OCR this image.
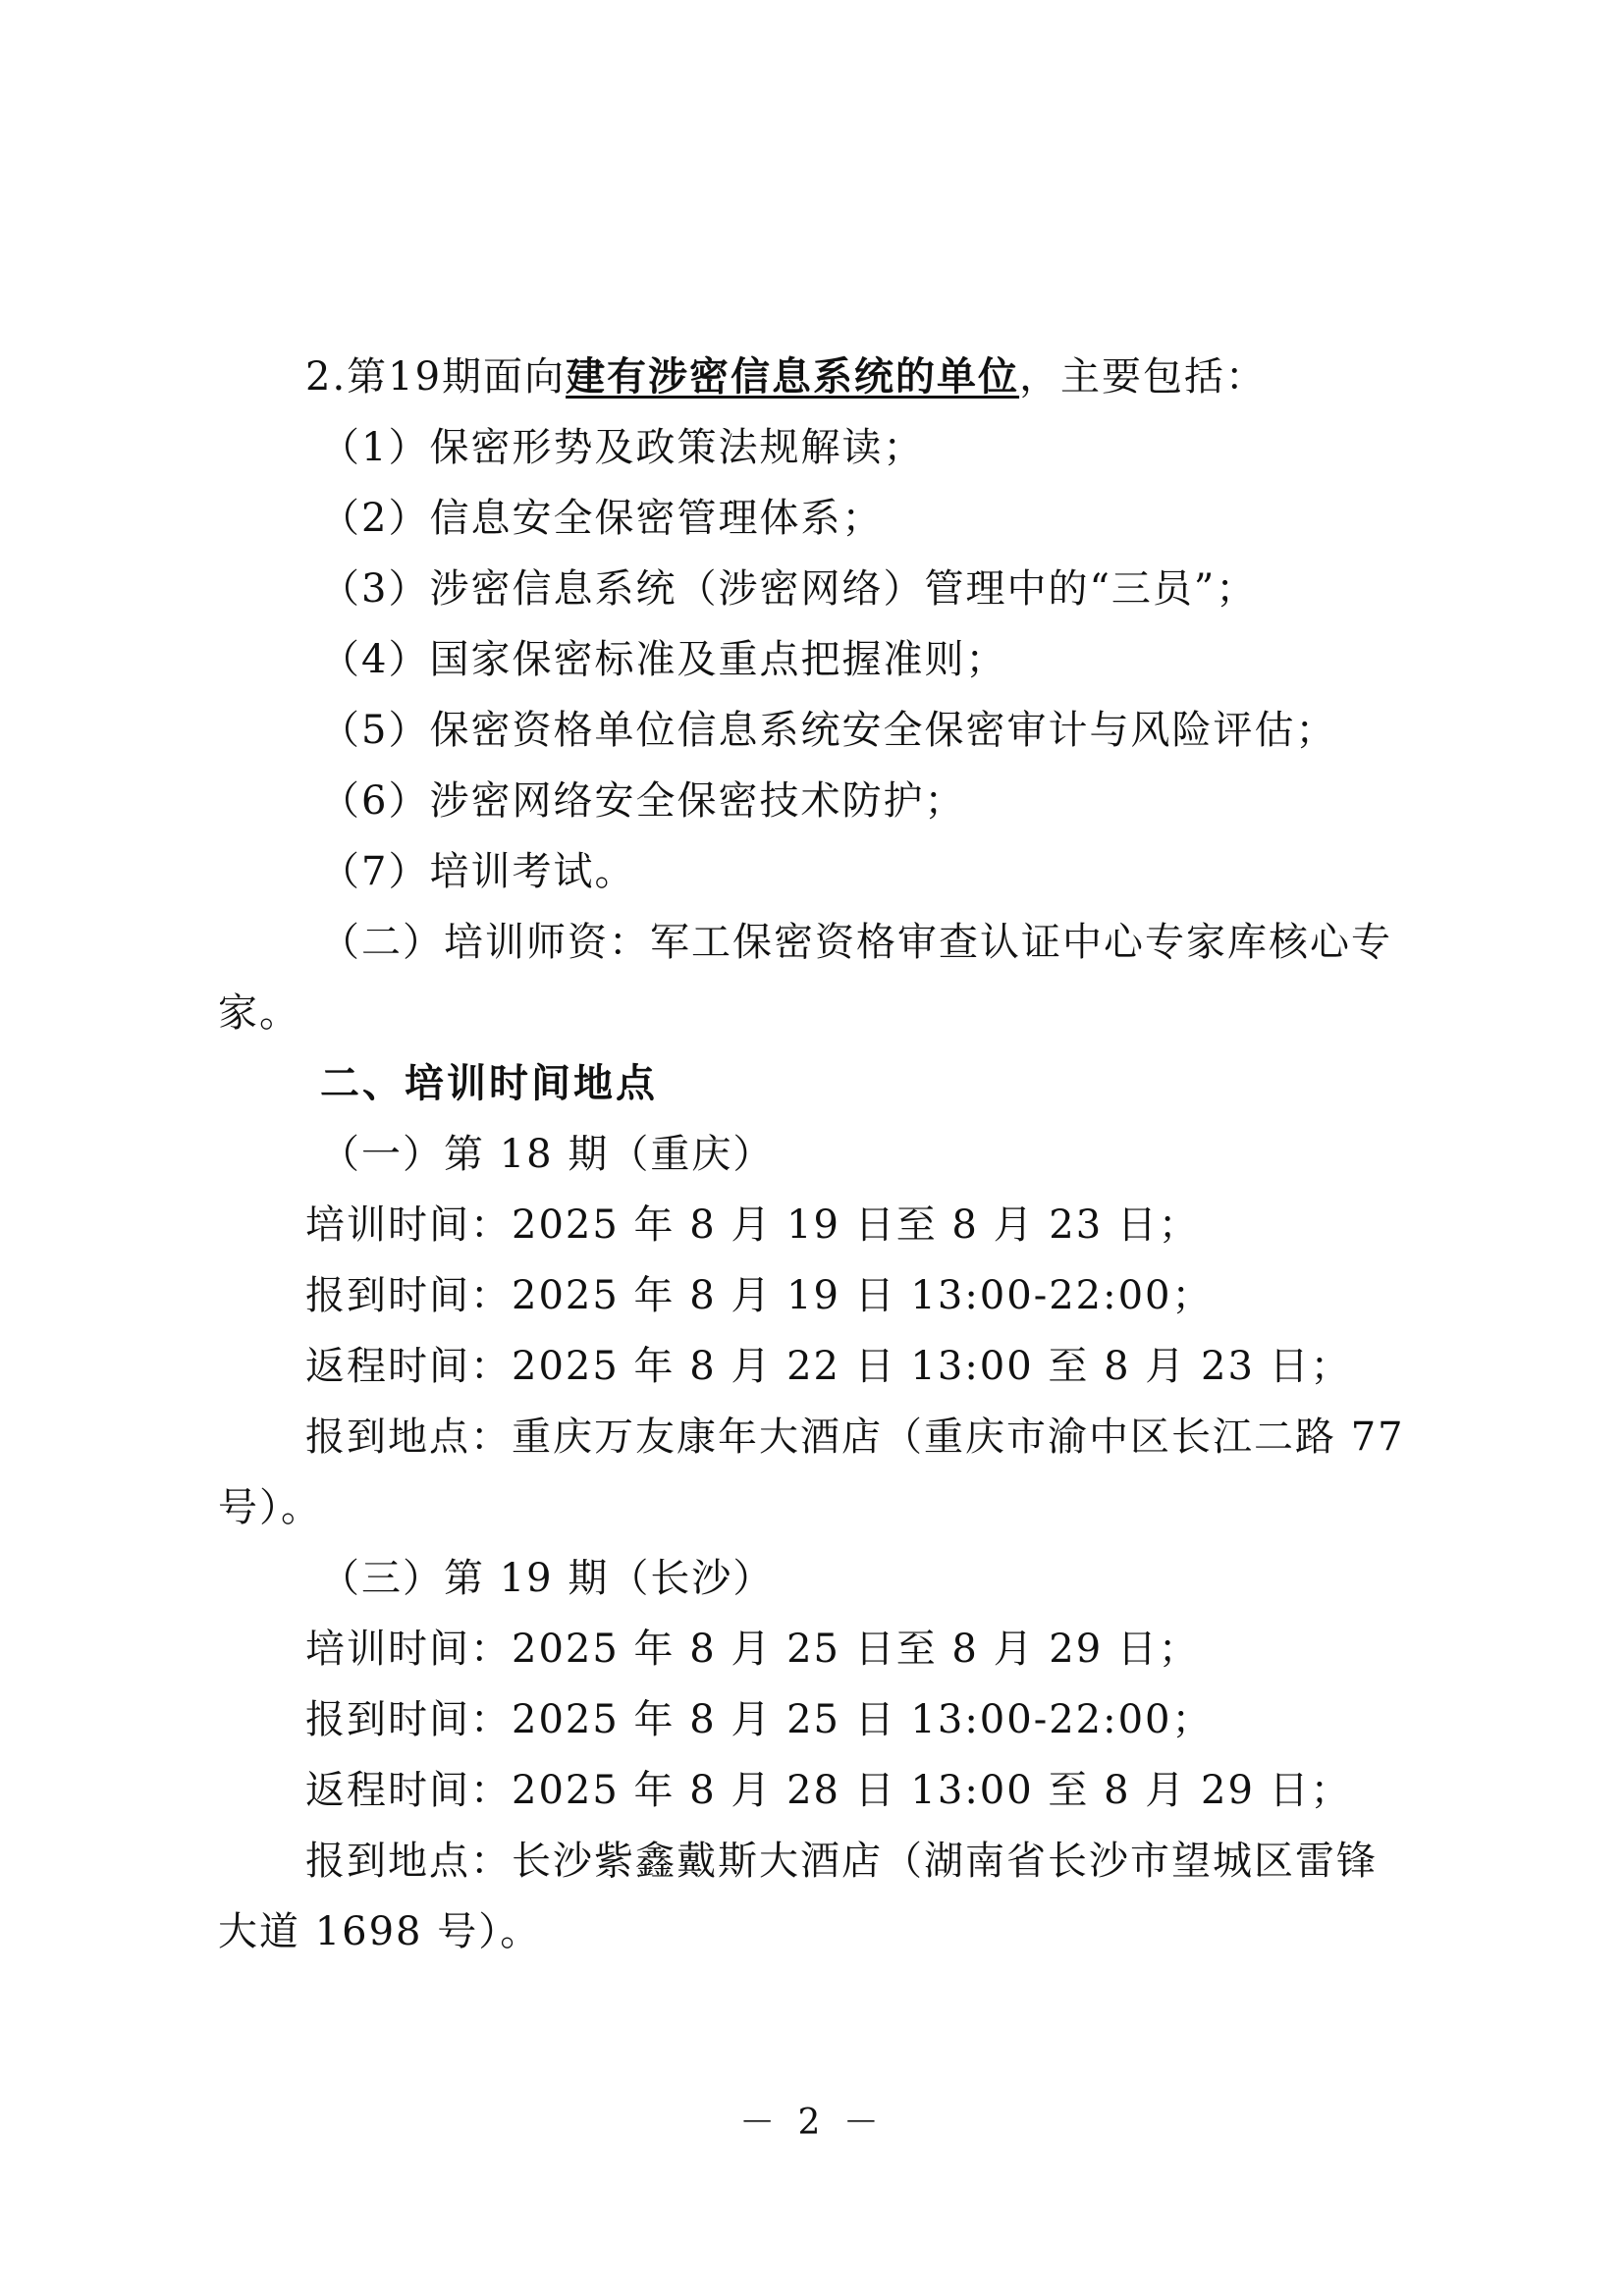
2.第19期面向建有涉密信息系统的单位，主要包括：
（1）保密形势及政策法规解读；
（2）信息安全保密管理体系；
（3）涉密信息系统（涉密网络）管理中的“三员”；
（4）国家保密标准及重点把握准则；
（5）保密资格单位信息系统安全保密审计与风险评估；
（6）涉密网络安全保密技术防护；
（7）培训考试。
（二）培训师资：军工保密资格审查认证中心专家库核心专
家。
二、培训时间地点
（一）第 18 期（重庆）
培训时间：2025 年 8 月 19 日至 8 月 23 日；
报到时间：2025 年 8 月 19 日 13:00-22:00；
返程时间：2025 年 8 月 22 日 13:00 至 8 月 23 日；
报到地点：重庆万友康年大酒店（重庆市渝中区长江二路 77
号）。
（三）第 19 期（长沙）
培训时间：2025 年 8 月 25 日至 8 月 29 日；
报到时间：2025 年 8 月 25 日 13:00-22:00；
返程时间：2025 年 8 月 28 日 13:00 至 8 月 29 日；
报到地点：长沙紫鑫戴斯大酒店（湖南省长沙市望城区雷锋
大道 1698 号）。
－ 2 －
